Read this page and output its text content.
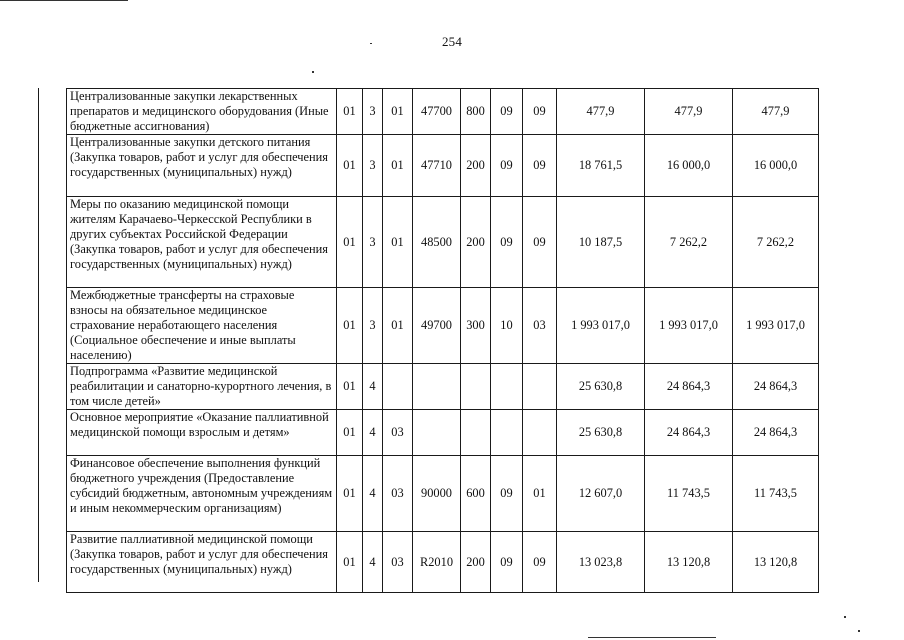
254
Централизованные закупки лекарственных препаратов и медицинского оборудования (Иные бюджетные ассигнования)	01	3	01	47700	800	09	09	477,9	477,9	477,9
Централизованные закупки детского питания (Закупка товаров, работ и услуг для обеспечения государственных (муниципальных) нужд)	01	3	01	47710	200	09	09	18 761,5	16 000,0	16 000,0
Меры по оказанию медицинской помощи жителям Карачаево-Черкесской Республики в других субъектах Российской Федерации (Закупка товаров, работ и услуг для обеспечения государственных (муниципальных) нужд)	01	3	01	48500	200	09	09	10 187,5	7 262,2	7 262,2
Межбюджетные трансферты на страховые взносы на обязательное медицинское страхование неработающего населения (Социальное обеспечение и иные выплаты населению)	01	3	01	49700	300	10	03	1 993 017,0	1 993 017,0	1 993 017,0
Подпрограмма «Развитие медицинской реабилитации и санаторно-курортного лечения, в том числе детей»	01	4						25 630,8	24 864,3	24 864,3
Основное мероприятие «Оказание паллиативной медицинской помощи взрослым и детям»	01	4	03					25 630,8	24 864,3	24 864,3
Финансовое обеспечение выполнения функций бюджетного учреждения (Предоставление субсидий бюджетным, автономным учреждениям и иным некоммерческим организациям)	01	4	03	90000	600	09	01	12 607,0	11 743,5	11 743,5
Развитие паллиативной медицинской помощи (Закупка товаров, работ и услуг для обеспечения государственных (муниципальных) нужд)	01	4	03	R2010	200	09	09	13 023,8	13 120,8	13 120,8
